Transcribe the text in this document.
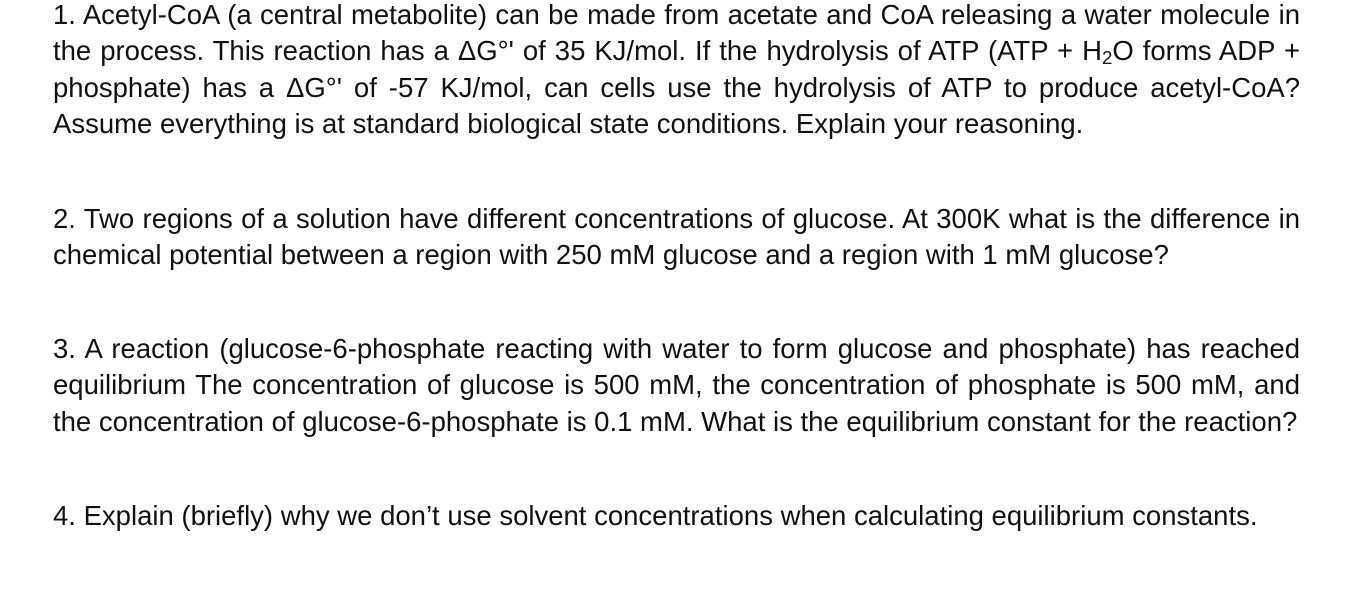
1. Acetyl-CoA (a central metabolite) can be made from acetate and CoA releasing a water molecule in the process. This reaction has a ΔG°' of 35 KJ/mol. If the hydrolysis of ATP ($ATP + H_2O$ forms ADP + phosphate) has a ΔG°' of -57 KJ/mol, can cells use the hydrolysis of ATP to produce acetyl-CoA? Assume everything is at standard biological state conditions. Explain your reasoning.

2. Two regions of a solution have different concentrations of glucose. At 300K what is the difference in chemical potential between a region with 250 mM glucose and a region with 1 mM glucose?

3. A reaction (glucose-6-phosphate reacting with water to form glucose and phosphate) has reached equilibrium The concentration of glucose is 500 mM, the concentration of phosphate is 500 mM, and the concentration of glucose-6-phosphate is 0.1 mM. What is the equilibrium constant for the reaction?

4. Explain (briefly) why we don’t use solvent concentrations when calculating equilibrium constants.
